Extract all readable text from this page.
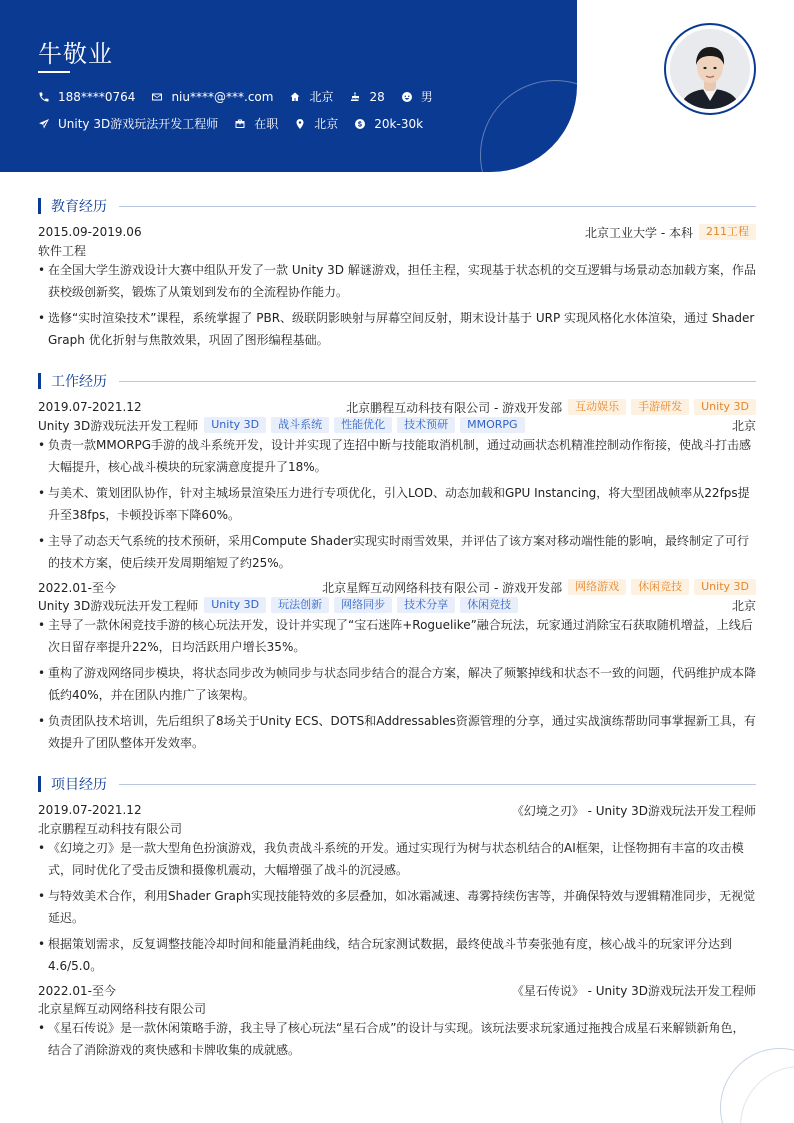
牛敬业
188****0764	niu****@***.com	北京	28	男
Unity 3D游戏玩法开发工程师	在职	北京	20k-30k
教育经历
2015.09-2019.06	北京工业大学 - 本科	211工程
软件工程
• 在全国大学生游戏设计大赛中组队开发了一款 Unity 3D 解谜游戏，担任主程，实现基于状态机的交互逻辑与场景动态加载方案，作品获校级创新奖，锻炼了从策划到发布的全流程协作能力。
• 选修“实时渲染技术”课程，系统掌握了 PBR、级联阴影映射与屏幕空间反射，期末设计基于 URP 实现风格化水体渲染，通过 Shader Graph 优化折射与焦散效果，巩固了图形编程基础。
工作经历
2019.07-2021.12	北京鹏程互动科技有限公司 - 游戏开发部	互动娱乐	手游研发	Unity 3D
Unity 3D游戏玩法开发工程师	Unity 3D	战斗系统	性能优化	技术预研	MMORPG	北京
• 负责一款MMORPG手游的战斗系统开发，设计并实现了连招中断与技能取消机制，通过动画状态机精准控制动作衔接，使战斗打击感大幅提升，核心战斗模块的玩家满意度提升了18%。
• 与美术、策划团队协作，针对主城场景渲染压力进行专项优化，引入LOD、动态加载和GPU Instancing，将大型团战帧率从22fps提升至38fps，卡顿投诉率下降60%。
• 主导了动态天气系统的技术预研，采用Compute Shader实现实时雨雪效果，并评估了该方案对移动端性能的影响，最终制定了可行的技术方案，使后续开发周期缩短了约25%。
2022.01-至今	北京星辉互动网络科技有限公司 - 游戏开发部	网络游戏	休闲竞技	Unity 3D
Unity 3D游戏玩法开发工程师	Unity 3D	玩法创新	网络同步	技术分享	休闲竞技	北京
• 主导了一款休闲竞技手游的核心玩法开发，设计并实现了“宝石迷阵+Roguelike”融合玩法，玩家通过消除宝石获取随机增益，上线后次日留存率提升22%，日均活跃用户增长35%。
• 重构了游戏网络同步模块，将状态同步改为帧同步与状态同步结合的混合方案，解决了频繁掉线和状态不一致的问题，代码维护成本降低约40%，并在团队内推广了该架构。
• 负责团队技术培训，先后组织了8场关于Unity ECS、DOTS和Addressables资源管理的分享，通过实战演练帮助同事掌握新工具，有效提升了团队整体开发效率。
项目经历
2019.07-2021.12	《幻境之刃》 - Unity 3D游戏玩法开发工程师
北京鹏程互动科技有限公司
• 《幻境之刃》是一款大型角色扮演游戏，我负责战斗系统的开发。通过实现行为树与状态机结合的AI框架，让怪物拥有丰富的攻击模式，同时优化了受击反馈和摄像机震动，大幅增强了战斗的沉浸感。
• 与特效美术合作，利用Shader Graph实现技能特效的多层叠加，如冰霜减速、毒雾持续伤害等，并确保特效与逻辑精准同步，无视觉延迟。
• 根据策划需求，反复调整技能冷却时间和能量消耗曲线，结合玩家测试数据，最终使战斗节奏张弛有度，核心战斗的玩家评分达到4.6/5.0。
2022.01-至今	《星石传说》 - Unity 3D游戏玩法开发工程师
北京星辉互动网络科技有限公司
• 《星石传说》是一款休闲策略手游，我主导了核心玩法“星石合成”的设计与实现。该玩法要求玩家通过拖拽合成星石来解锁新角色，结合了消除游戏的爽快感和卡牌收集的成就感。
